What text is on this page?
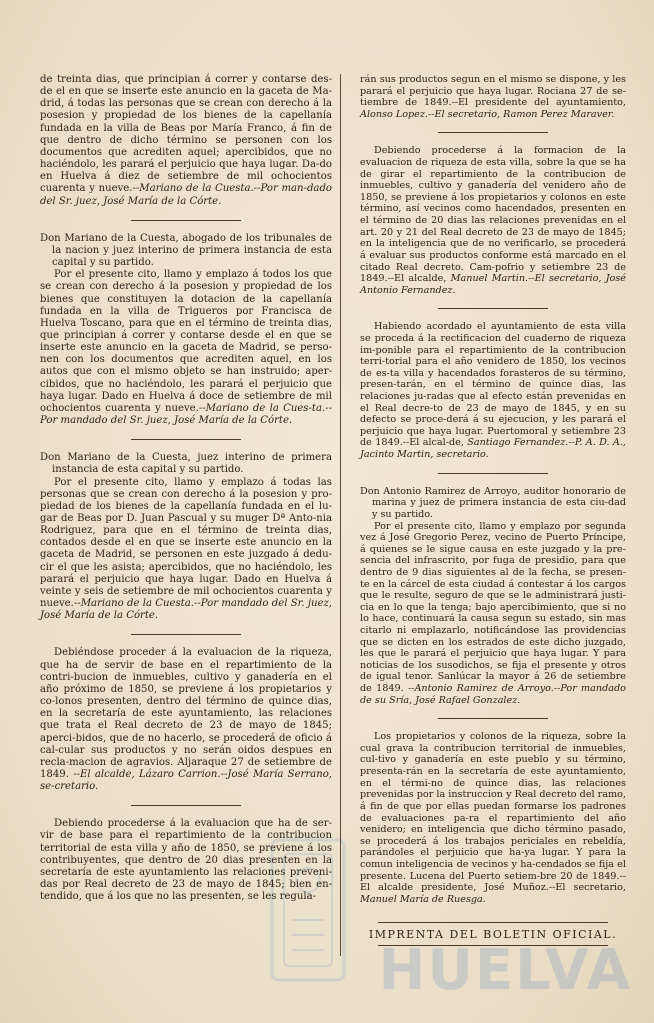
de treinta dias, que principian á correr y contarse des-de el en que se inserte este anuncio en la gaceta de Ma-drid, á todas las personas que se crean con derecho á la posesion y propiedad de los bienes de la capellanía fundada en la villa de Beas por María Franco, á fin de que dentro de dicho término se personen con los documentos que acrediten aquel; apercibidos, que no haciéndolo, les parará el perjuicio que haya lugar. Da-do en Huelva á diez de setiembre de mil ochocientos cuarenta y nueve.--Mariano de la Cuesta.--Por man-dado del Sr. juez, José María de la Córte.

Don Mariano de la Cuesta, abogado de los tribunales de la nacion y juez interino de primera instancia de esta capital y su partido.

Por el presente cito, llamo y emplazo á todos los que se crean con derecho á la posesion y propiedad de los bienes que constituyen la dotacion de la capellanía fundada en la villa de Trigueros por Francisca de Huelva Toscano, para que en el término de treinta dias, que principian á correr y contarse desde el en que se inserte este anuncio en la gaceta de Madrid, se perso-nen con los documentos que acrediten aquel, en los autos que con el mismo objeto se han instruido; aper-cibidos, que no haciéndolo, les parará el perjuicio que haya lugar. Dado en Huelva á doce de setiembre de mil ochocientos cuarenta y nueve.--Mariano de la Cues-ta.--Por mandado del Sr. juez, José María de la Córte.

Don Mariano de la Cuesta, juez interino de primera instancia de esta capital y su partido.

Por el presente cito, llamo y emplazo á todas las personas que se crean con derecho á la posesion y pro-piedad de los bienes de la capellanía fundada en el lu-gar de Beas por D. Juan Pascual y su muger Dª Anto-nia Rodriguez, para que en el término de treinta dias, contados desde el en que se inserte este anuncio en la gaceta de Madrid, se personen en este juzgado á dedu-cir el que les asista; apercibidos, que no haciéndolo, les parará el perjuicio que haya lugar. Dado en Huelva á veinte y seis de setiembre de mil ochocientos cuarenta y nueve.--Mariano de la Cuesta.--Por mandado del Sr. juez, José María de la Córte.

Debiéndose proceder á la evaluacion de la riqueza, que ha de servir de base en el repartimiento de la contri-bucion de inmuebles, cultivo y ganadería en el año próximo de 1850, se previene á los propietarios y co-lonos presenten, dentro del término de quince dias, en la secretaría de este ayuntamiento, las relaciones que trata el Real decreto de 23 de mayo de 1845; aperci-bidos, que de no hacerlo, se procederá de oficio á cal-cular sus productos y no serán oidos despues en recla-macion de agravios. Aljaraque 27 de setiembre de 1849. --El alcalde, Lázaro Carrion.--José María Serrano, se-cretario.

Debiendo procederse á la evaluacion que ha de ser-vir de base para el repartimiento de la contribucion territorial de esta villa y año de 1850, se previene á los contribuyentes, que dentro de 20 dias presenten en la secretaría de este ayuntamiento las relaciones preveni-das por Real decreto de 23 de mayo de 1845; bien en-tendido, que á los que no las presenten, se les regula-

rán sus productos segun en el mismo se dispone, y les parará el perjuicio que haya lugar. Rociana 27 de se-tiembre de 1849.--El presidente del ayuntamiento, Alonso Lopez.--El secretario, Ramon Perez Maraver.

Debiendo procederse á la formacion de la evaluacion de riqueza de esta villa, sobre la que se ha de girar el repartimiento de la contribucion de inmuebles, cultivo y ganadería del venidero año de 1850, se previene á los propietarios y colonos en este término, así vecinos como hacendados, presenten en el término de 20 dias las relaciones prevenidas en el art. 20 y 21 del Real decreto de 23 de mayo de 1845; en la inteligencia que de no verificarlo, se procederá á evaluar sus productos conforme está marcado en el citado Real decreto. Cam-pofrio y setiembre 23 de 1849.--El alcalde, Manuel Martin.--El secretario, José Antonio Fernandez.

Habiendo acordado el ayuntamiento de esta villa se proceda á la rectificacion del cuaderno de riqueza im-ponible para el repartimiento de la contribucion terri-torial para el año venidero de 1850, los vecinos de es-ta villa y hacendados forasteros de su término, presen-tarán, en el término de quince dias, las relaciones ju-radas que al efecto están prevenidas en el Real decre-to de 23 de mayo de 1845, y en su defecto se proce-derá á su ejecucion, y les parará el perjuicio que haya lugar. Puertomoral y setiembre 23 de 1849.--El alcal-de, Santiago Fernandez.--P. A. D. A., Jacinto Martin, secretario.

Don Antonio Ramirez de Arroyo, auditor honorario de marina y juez de primera instancia de esta ciu-dad y su partido.

Por el presente cito, llamo y emplazo por segunda vez á José Gregorio Perez, vecino de Puerto Príncipe, á quienes se le sigue causa en este juzgado y la pre-sencia del infrascrito, por fuga de presidio, para que dentro de 9 dias siguientes al de la fecha, se presen-te en la cárcel de esta ciudad á contestar á los cargos que le resulte, seguro de que se le administrará justi-cia en lo que la tenga; bajo apercibimiento, que si no lo hace, continuará la causa segun su estado, sin mas citarlo ni emplazarlo, notificándose las providencias que se dicten en los estrados de este dicho juzgado, les que le parará el perjuicio que haya lugar. Y para noticias de los susodichos, se fija el presente y otros de igual tenor. Sanlúcar la mayor á 26 de setiembre de 1849. --Antonio Ramirez de Arroyo.--Por mandado de su Sría, José Rafael Gonzalez.

Los propietarios y colonos de la riqueza, sobre la cual grava la contribucion territorial de inmuebles, cul-tivo y ganadería en este pueblo y su término, presenta-rán en la secretaría de este ayuntamiento, en el térmi-no de quince dias, las relaciones prevenidas por la instruccion y Real decreto del ramo, á fin de que por ellas puedan formarse los padrones de evaluaciones pa-ra el repartimiento del año venidero; en inteligencia que dicho término pasado, se procederá á los trabajos periciales en rebeldía, parándoles el perjuicio que ha-ya lugar. Y para la comun inteligencia de vecinos y ha-cendados se fija el presente. Lucena del Puerto setiem-bre 20 de 1849.--El alcalde presidente, José Muñoz.--El secretario, Manuel María de Ruesga.

IMPRENTA DEL BOLETIN OFICIAL.
HUELVA
